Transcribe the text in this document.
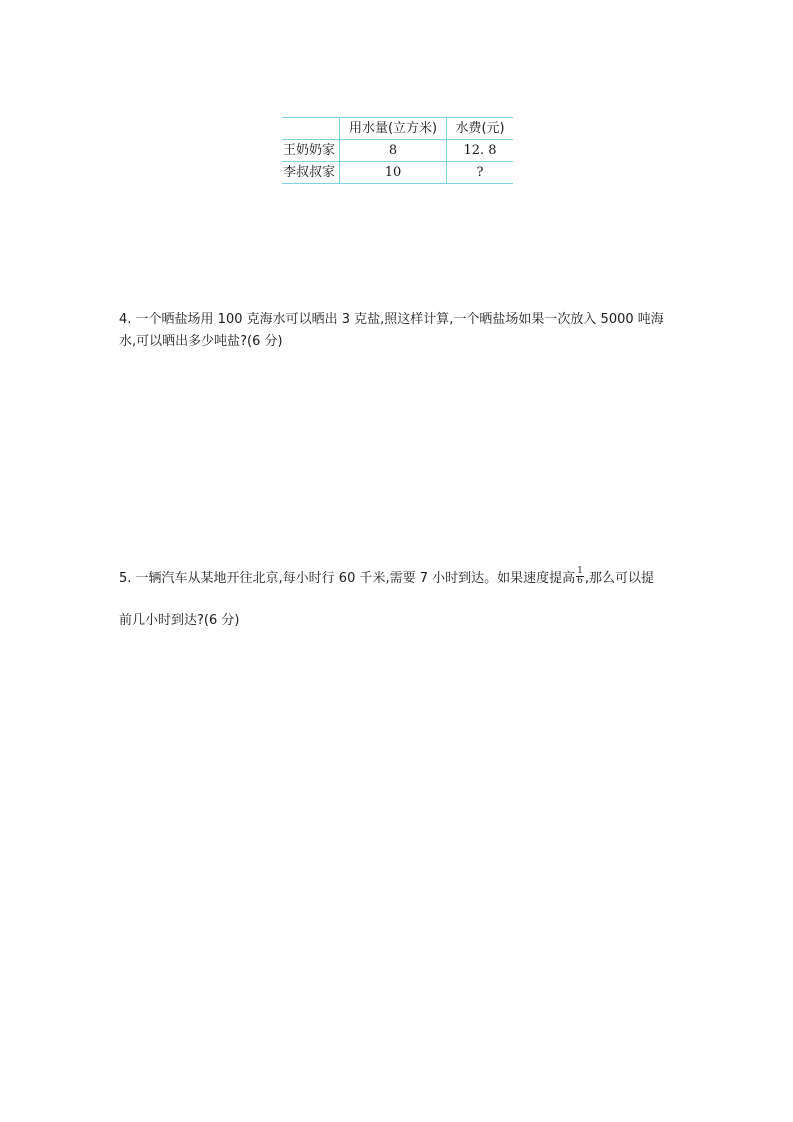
	用水量(立方米)	水费(元)
王奶奶家	8	12. 8
李叔叔家	10	?
4. 一个晒盐场用 100 克海水可以晒出 3 克盐,照这样计算,一个晒盐场如果一次放入 5000 吨海水,可以晒出多少吨盐?(6 分)
5. 一辆汽车从某地开往北京,每小时行 60 千米,需要 7 小时到达。如果速度提高 $\frac{1}{6}$ ,那么可以提
前几小时到达?(6 分)
